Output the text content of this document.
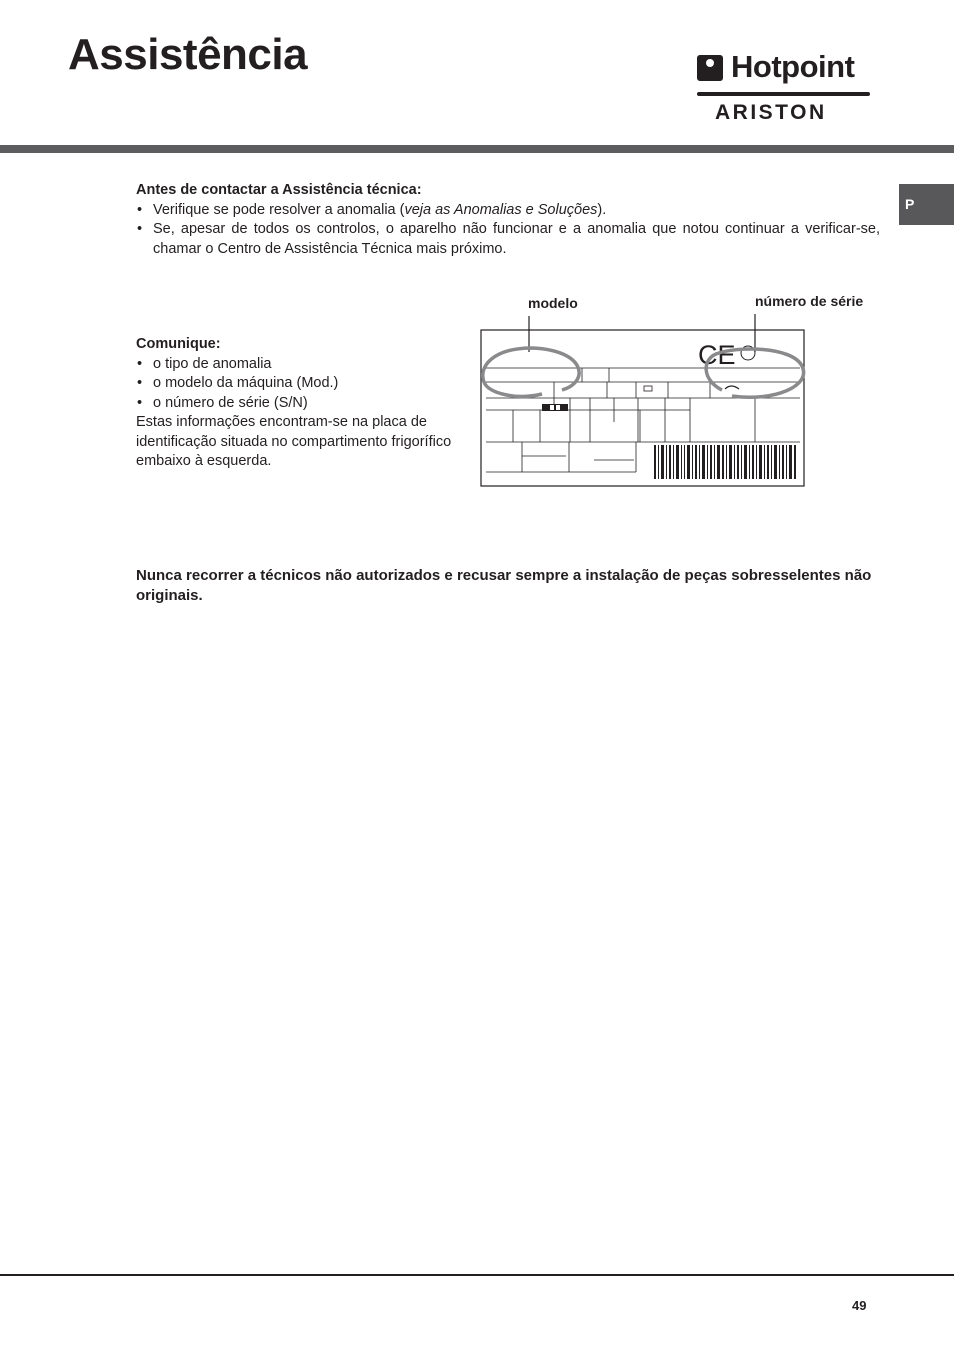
Assistência	Hotpoint
ARISTON
P

Antes de contactar a Assistência técnica:

• Verifique se pode resolver a anomalia (veja as Anomalias e Soluções).
• Se, apesar de todos os controlos, o aparelho não funcionar e a anomalia que notou continuar a verificar-se, chamar o Centro de Assistência Técnica mais próximo.

Comunique:

• o tipo de anomalia
• o modelo da máquina (Mod.)
• o número de série (S/N)

Estas informações encontram-se na placa de identificação situada no compartimento frigorífico embaixo à esquerda.

modelo	número de série
CE

Nunca recorrer a técnicos não autorizados e recusar sempre a instalação de peças sobresselentes não originais.

49
